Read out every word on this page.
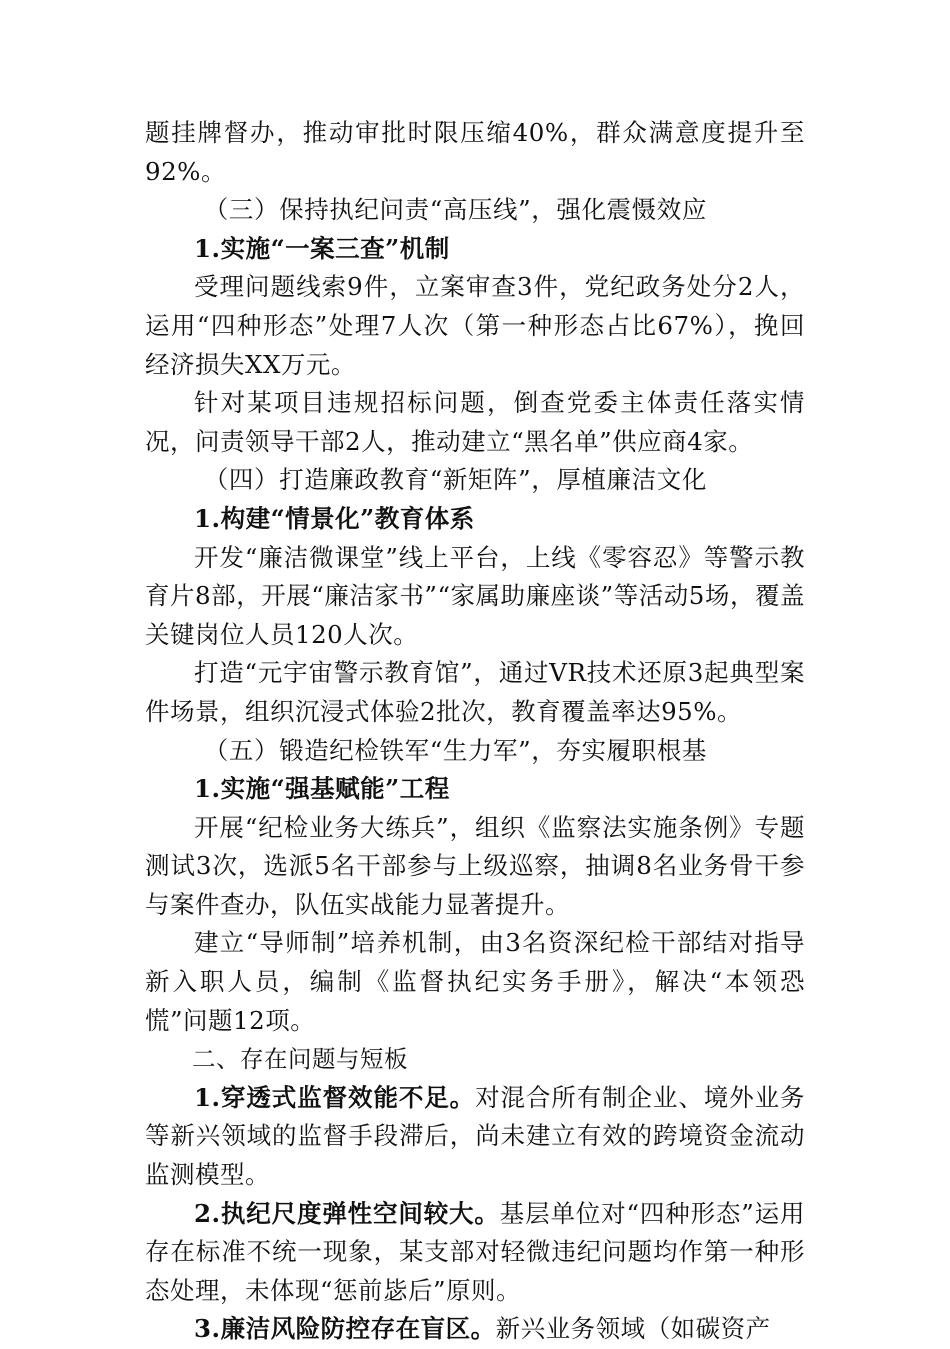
题挂牌督办，推动审批时限压缩40%，群众满意度提升至92%。

（三）保持执纪问责“高压线”，强化震慑效应

1.实施“一案三查”机制

受理问题线索9件，立案审查3件，党纪政务处分2人，运用“四种形态”处理7人次（第一种形态占比67%），挽回经济损失XX万元。

针对某项目违规招标问题，倒查党委主体责任落实情况，问责领导干部2人，推动建立“黑名单”供应商4家。

（四）打造廉政教育“新矩阵”，厚植廉洁文化

1.构建“情景化”教育体系

开发“廉洁微课堂”线上平台，上线《零容忍》等警示教育片8部，开展“廉洁家书”“家属助廉座谈”等活动5场，覆盖关键岗位人员120人次。

打造“元宇宙警示教育馆”，通过VR技术还原3起典型案件场景，组织沉浸式体验2批次，教育覆盖率达95%。

（五）锻造纪检铁军“生力军”，夯实履职根基

1.实施“强基赋能”工程

开展“纪检业务大练兵”，组织《监察法实施条例》专题测试3次，选派5名干部参与上级巡察，抽调8名业务骨干参与案件查办，队伍实战能力显著提升。

建立“导师制”培养机制，由3名资深纪检干部结对指导新入职人员，编制《监督执纪实务手册》，解决“本领恐慌”问题12项。

二、存在问题与短板

1.穿透式监督效能不足。对混合所有制企业、境外业务等新兴领域的监督手段滞后，尚未建立有效的跨境资金流动监测模型。

2.执纪尺度弹性空间较大。基层单位对“四种形态”运用存在标准不统一现象，某支部对轻微违纪问题均作第一种形态处理，未体现“惩前毖后”原则。

3.廉洁风险防控存在盲区。新兴业务领域（如碳资产
